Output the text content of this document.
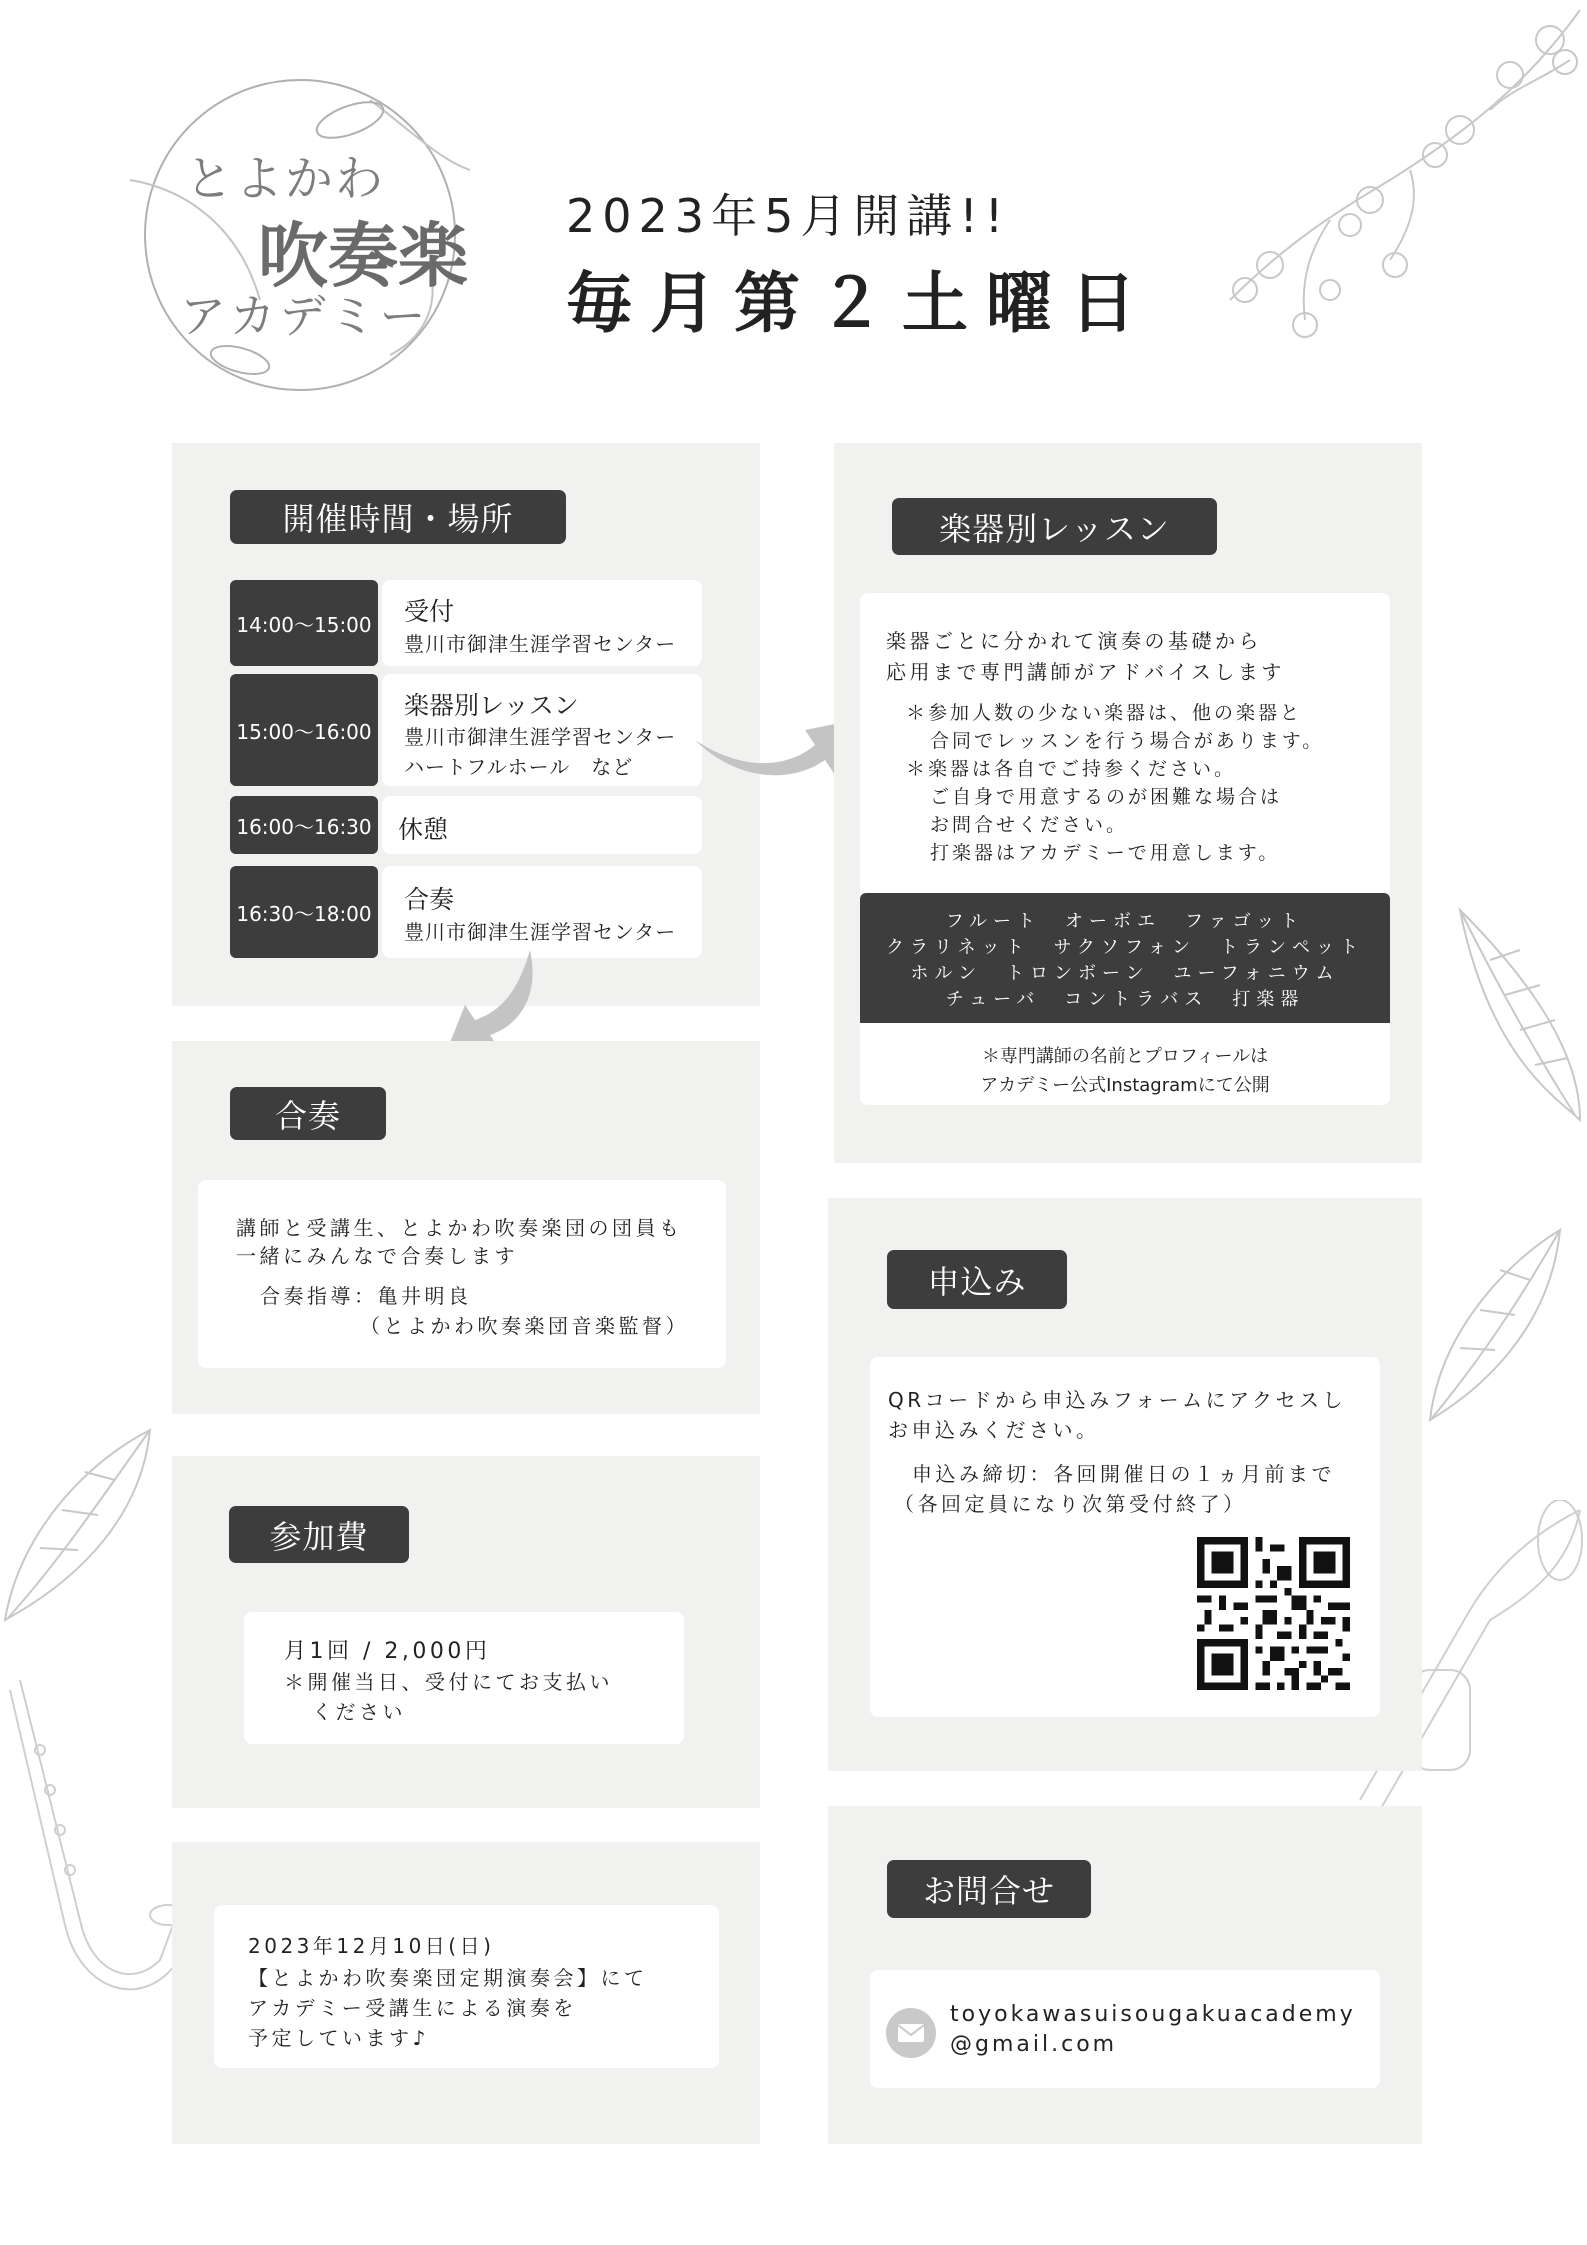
とよかわ
吹奏楽
アカデミー
2023年5月開講!!
毎月第２土曜日
開催時間・場所
14:00〜15:00 受付
豊川市御津生涯学習センター
15:00〜16:00
楽器別レッスン
豊川市御津生涯学習センター
ハートフルホール　など
16:00〜16:30 休憩
16:30〜18:00 合奏
豊川市御津生涯学習センター
楽器別レッスン
楽器ごとに分かれて演奏の基礎から
応用まで専門講師がアドバイスします
＊参加人数の少ない楽器は、他の楽器と
合同でレッスンを行う場合があります。
＊楽器は各自でご持参ください。
ご自身で用意するのが困難な場合は
お問合せください。
打楽器はアカデミーで用意します。
フルート　オーボエ　ファゴット
クラリネット　サクソフォン　トランペット
ホルン　トロンボーン　ユーフォニウム
チューバ　コントラバス　打楽器
＊専門講師の名前とプロフィールは
アカデミー公式Instagramにて公開
合奏
講師と受講生、とよかわ吹奏楽団の団員も
一緒にみんなで合奏します
合奏指導：亀井明良
（とよかわ吹奏楽団音楽監督）
参加費
月1回 / 2,000円
＊開催当日、受付にてお支払い
ください
2023年12月10日(日)
【とよかわ吹奏楽団定期演奏会】にて
アカデミー受講生による演奏を
予定しています♪
申込み
QRコードから申込みフォームにアクセスし
お申込みください。
申込み締切：各回開催日の１ヵ月前まで
（各回定員になり次第受付終了）
お問合せ
toyokawasuisougakuacademy
@gmail.com
